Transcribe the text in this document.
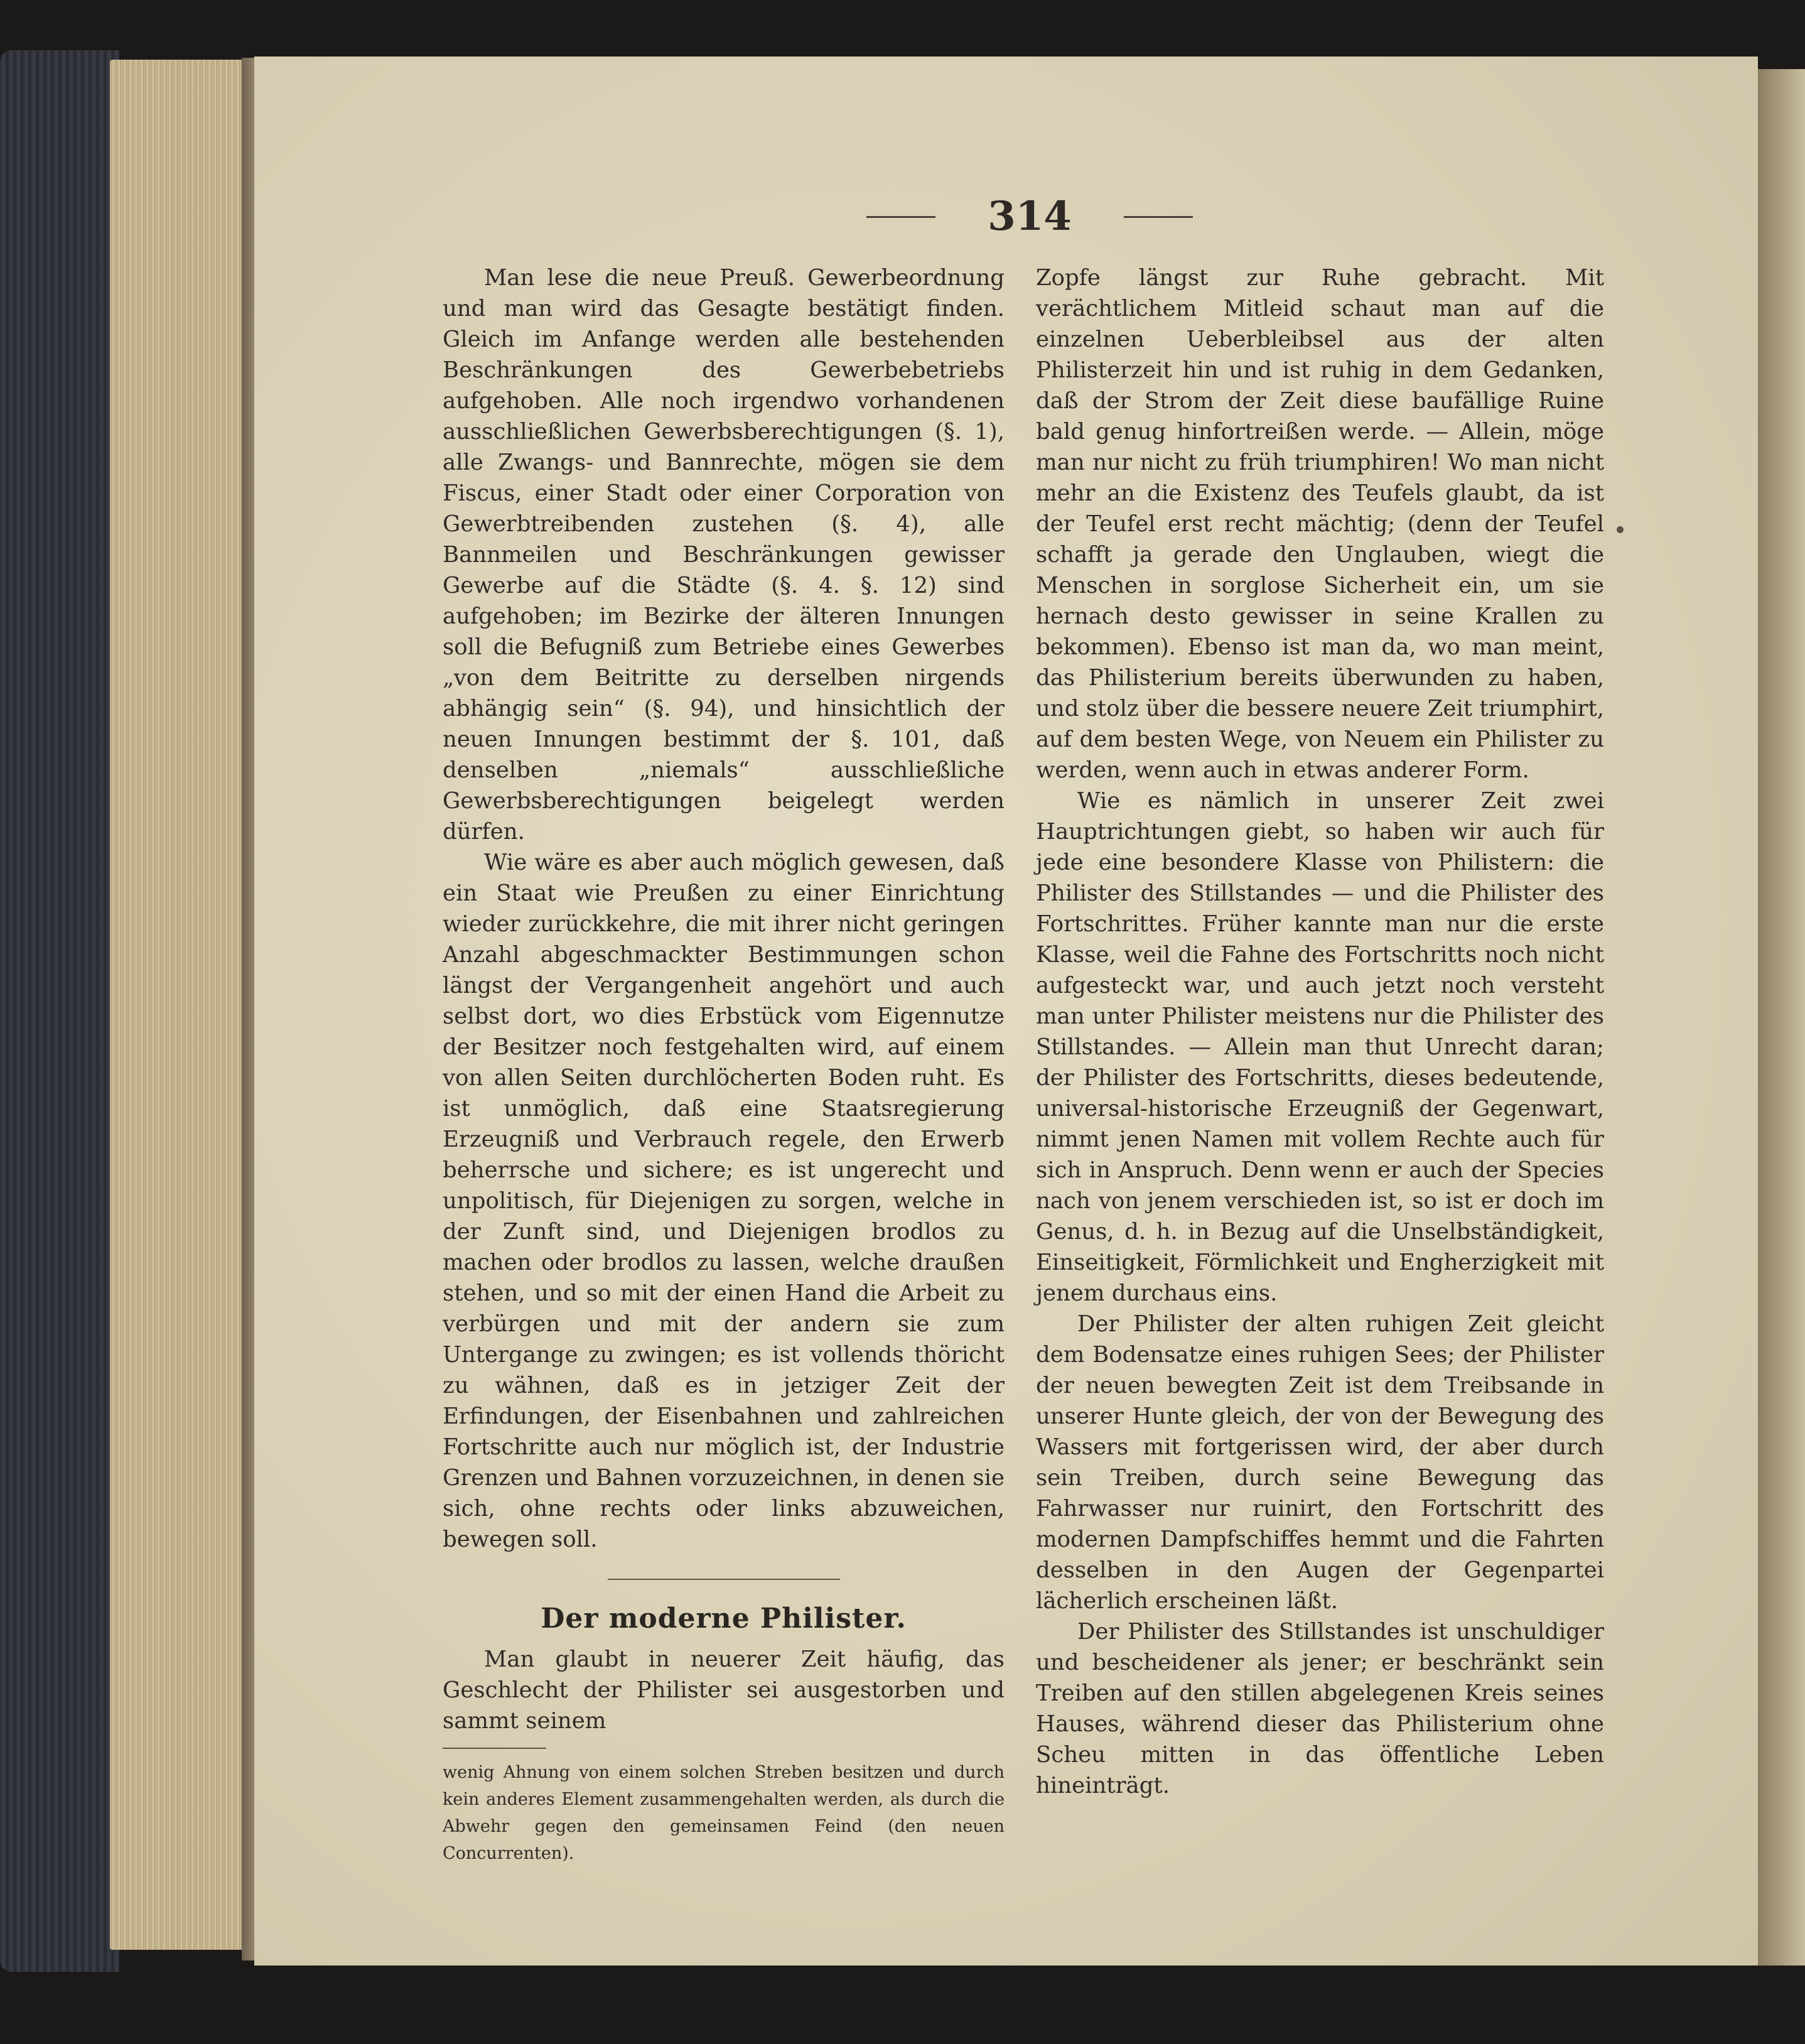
314

Man lese die neue Preuß. Gewerbeordnung und man wird das Gesagte bestätigt finden. Gleich im Anfange werden alle bestehenden Beschränkungen des Gewerbebetriebs aufgehoben. Alle noch irgendwo vorhandenen ausschließlichen Gewerbsberechtigungen (§. 1), alle Zwangs- und Bannrechte, mögen sie dem Fiscus, einer Stadt oder einer Corporation von Gewerbtreibenden zustehen (§. 4), alle Bannmeilen und Beschränkungen gewisser Gewerbe auf die Städte (§. 4. §. 12) sind aufgehoben; im Bezirke der älteren Innungen soll die Befugniß zum Betriebe eines Gewerbes „von dem Beitritte zu derselben nirgends abhängig sein“ (§. 94), und hinsichtlich der neuen Innungen bestimmt der §. 101, daß denselben „niemals“ ausschließliche Gewerbsberechtigungen beigelegt werden dürfen.

Wie wäre es aber auch möglich gewesen, daß ein Staat wie Preußen zu einer Einrichtung wieder zurückkehre, die mit ihrer nicht geringen Anzahl abgeschmackter Bestimmungen schon längst der Vergangenheit angehört und auch selbst dort, wo dies Erbstück vom Eigennutze der Besitzer noch festgehalten wird, auf einem von allen Seiten durchlöcherten Boden ruht. Es ist unmöglich, daß eine Staatsregierung Erzeugniß und Verbrauch regele, den Erwerb beherrsche und sichere; es ist ungerecht und unpolitisch, für Diejenigen zu sorgen, welche in der Zunft sind, und Diejenigen brodlos zu machen oder brodlos zu lassen, welche draußen stehen, und so mit der einen Hand die Arbeit zu verbürgen und mit der andern sie zum Untergange zu zwingen; es ist vollends thöricht zu wähnen, daß es in jetziger Zeit der Erfindungen, der Eisenbahnen und zahlreichen Fortschritte auch nur möglich ist, der Industrie Grenzen und Bahnen vorzuzeichnen, in denen sie sich, ohne rechts oder links abzuweichen, bewegen soll.

Der moderne Philister.

Man glaubt in neuerer Zeit häufig, das Geschlecht der Philister sei ausgestorben und sammt seinem

wenig Ahnung von einem solchen Streben besitzen und durch kein anderes Element zusammengehalten werden, als durch die Abwehr gegen den gemeinsamen Feind (den neuen Concurrenten).

Zopfe längst zur Ruhe gebracht. Mit verächtlichem Mitleid schaut man auf die einzelnen Ueberbleibsel aus der alten Philisterzeit hin und ist ruhig in dem Gedanken, daß der Strom der Zeit diese baufällige Ruine bald genug hinfortreißen werde. — Allein, möge man nur nicht zu früh triumphiren! Wo man nicht mehr an die Existenz des Teufels glaubt, da ist der Teufel erst recht mächtig; (denn der Teufel schafft ja gerade den Unglauben, wiegt die Menschen in sorglose Sicherheit ein, um sie hernach desto gewisser in seine Krallen zu bekommen). Ebenso ist man da, wo man meint, das Philisterium bereits überwunden zu haben, und stolz über die bessere neuere Zeit triumphirt, auf dem besten Wege, von Neuem ein Philister zu werden, wenn auch in etwas anderer Form.

Wie es nämlich in unserer Zeit zwei Hauptrichtungen giebt, so haben wir auch für jede eine besondere Klasse von Philistern: die Philister des Stillstandes — und die Philister des Fortschrittes. Früher kannte man nur die erste Klasse, weil die Fahne des Fortschritts noch nicht aufgesteckt war, und auch jetzt noch versteht man unter Philister meistens nur die Philister des Stillstandes. — Allein man thut Unrecht daran; der Philister des Fortschritts, dieses bedeutende, universal-historische Erzeugniß der Gegenwart, nimmt jenen Namen mit vollem Rechte auch für sich in Anspruch. Denn wenn er auch der Species nach von jenem verschieden ist, so ist er doch im Genus, d. h. in Bezug auf die Unselbständigkeit, Einseitigkeit, Förmlichkeit und Engherzigkeit mit jenem durchaus eins.

Der Philister der alten ruhigen Zeit gleicht dem Bodensatze eines ruhigen Sees; der Philister der neuen bewegten Zeit ist dem Treibsande in unserer Hunte gleich, der von der Bewegung des Wassers mit fortgerissen wird, der aber durch sein Treiben, durch seine Bewegung das Fahrwasser nur ruinirt, den Fortschritt des modernen Dampfschiffes hemmt und die Fahrten desselben in den Augen der Gegenpartei lächerlich erscheinen läßt.

Der Philister des Stillstandes ist unschuldiger und bescheidener als jener; er beschränkt sein Treiben auf den stillen abgelegenen Kreis seines Hauses, während dieser das Philisterium ohne Scheu mitten in das öffentliche Leben hineinträgt.
